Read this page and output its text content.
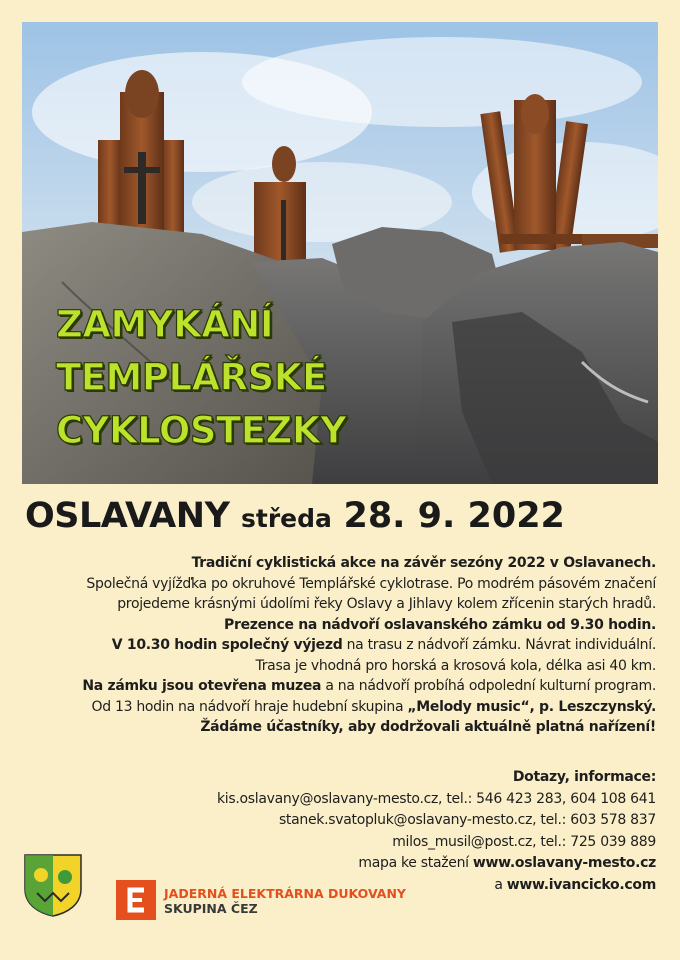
ZAMYKÁNÍ
TEMPLÁŘSKÉ
CYKLOSTEZKY
OSLAVANY středa 28. 9. 2022
Tradiční cyklistická akce na závěr sezóny 2022 v Oslavanech.
Společná vyjížďka po okruhové Templářské cyklotrase. Po modrém pásovém značení
projedeme krásnými údolími řeky Oslavy a Jihlavy kolem zřícenin starých hradů.
Prezence na nádvoří oslavanského zámku od 9.30 hodin.
V 10.30 hodin společný výjezd na trasu z nádvoří zámku. Návrat individuální.
Trasa je vhodná pro horská a krosová kola, délka asi 40 km.
Na zámku jsou otevřena muzea a na nádvoří probíhá odpolední kulturní program.
Od 13 hodin na nádvoří hraje hudební skupina „Melody music“, p. Leszczynský.
Žádáme účastníky, aby dodržovali aktuálně platná nařízení!
Dotazy, informace:
kis.oslavany@oslavany-mesto.cz, tel.: 546 423 283, 604 108 641
stanek.svatopluk@oslavany-mesto.cz, tel.: 603 578 837
milos_musil@post.cz, tel.: 725 039 889
mapa ke stažení www.oslavany-mesto.cz
a www.ivancicko.com
JADERNÁ ELEKTRÁRNA DUKOVANY
SKUPINA ČEZ
